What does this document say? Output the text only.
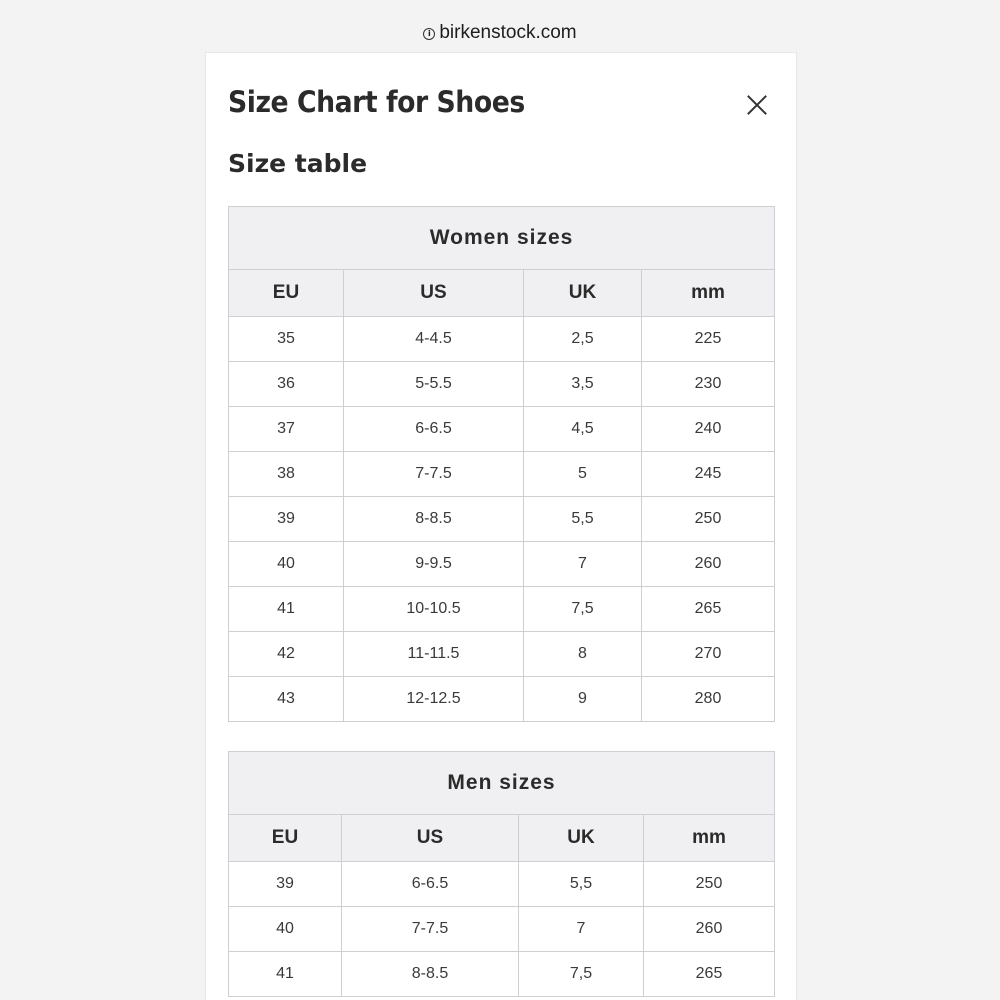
i birkenstock.com
Size Chart for Shoes
Size table
Women sizes			
EU	US	UK	mm
35	4-4.5	2,5	225
36	5-5.5	3,5	230
37	6-6.5	4,5	240
38	7-7.5	5	245
39	8-8.5	5,5	250
40	9-9.5	7	260
41	10-10.5	7,5	265
42	11-11.5	8	270
43	12-12.5	9	280
Men sizes			
EU	US	UK	mm
39	6-6.5	5,5	250
40	7-7.5	7	260
41	8-8.5	7,5	265
